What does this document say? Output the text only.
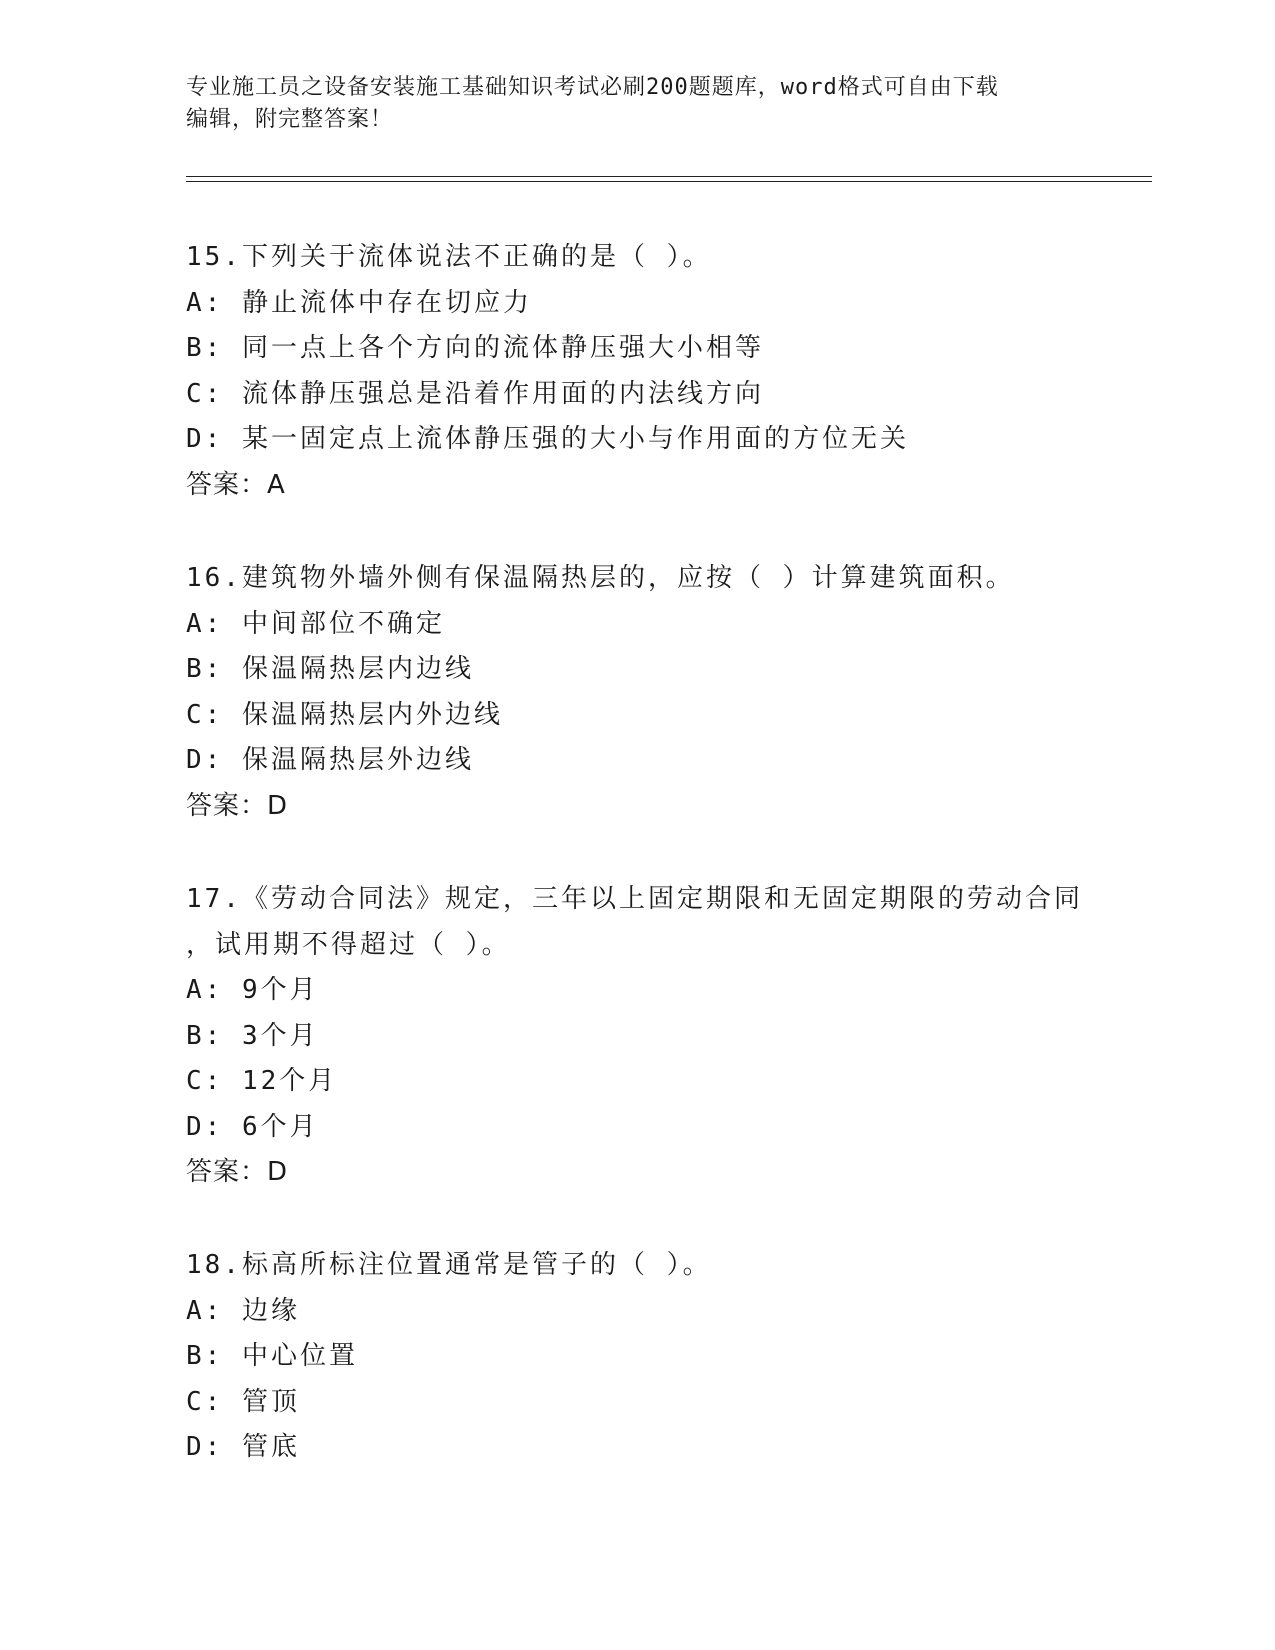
专业施工员之设备安装施工基础知识考试必刷200题题库，word格式可自由下载
编辑，附完整答案！
15.下列关于流体说法不正确的是（ ）。
A: 静止流体中存在切应力
B: 同一点上各个方向的流体静压强大小相等
C: 流体静压强总是沿着作用面的内法线方向
D: 某一固定点上流体静压强的大小与作用面的方位无关
答案：A
16.建筑物外墙外侧有保温隔热层的，应按（ ）计算建筑面积。
A: 中间部位不确定
B: 保温隔热层内边线
C: 保温隔热层内外边线
D: 保温隔热层外边线
答案：D
17.《劳动合同法》规定，三年以上固定期限和无固定期限的劳动合同
，试用期不得超过（ ）。
A: 9个月
B: 3个月
C: 12个月
D: 6个月
答案：D
18.标高所标注位置通常是管子的（ ）。
A: 边缘
B: 中心位置
C: 管顶
D: 管底
